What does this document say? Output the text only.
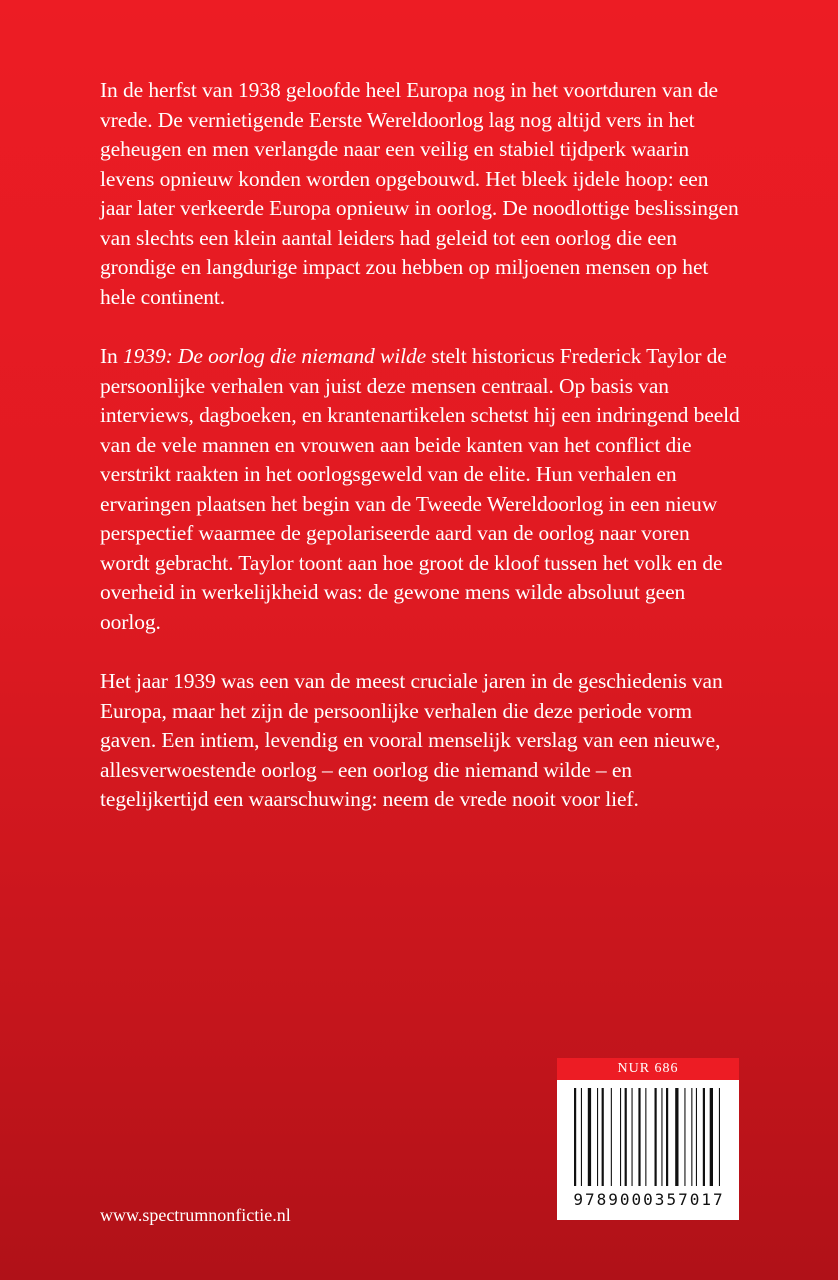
In de herfst van 1938 geloofde heel Europa nog in het voortduren van de vrede. De vernietigende Eerste Wereldoorlog lag nog altijd vers in het geheugen en men verlangde naar een veilig en stabiel tijdperk waarin levens opnieuw konden worden opgebouwd. Het bleek ijdele hoop: een jaar later verkeerde Europa opnieuw in oorlog. De noodlottige beslissingen van slechts een klein aantal leiders had geleid tot een oorlog die een grondige en langdurige impact zou hebben op miljoenen mensen op het hele continent.

In 1939: De oorlog die niemand wilde stelt historicus Frederick Taylor de persoonlijke verhalen van juist deze mensen centraal. Op basis van interviews, dagboeken, en krantenartikelen schetst hij een indringend beeld van de vele mannen en vrouwen aan beide kanten van het conflict die verstrikt raakten in het oorlogsgeweld van de elite. Hun verhalen en ervaringen plaatsen het begin van de Tweede Wereldoorlog in een nieuw perspectief waarmee de gepolariseerde aard van de oorlog naar voren wordt gebracht. Taylor toont aan hoe groot de kloof tussen het volk en de overheid in werkelijkheid was: de gewone mens wilde absoluut geen oorlog.

Het jaar 1939 was een van de meest cruciale jaren in de geschiedenis van Europa, maar het zijn de persoonlijke verhalen die deze periode vorm gaven. Een intiem, levendig en vooral menselijk verslag van een nieuwe, allesverwoestende oorlog – een oorlog die niemand wilde – en tegelijkertijd een waarschuwing: neem de vrede nooit voor lief.

NUR 686
9789000357017
www.spectrumnonfictie.nl
